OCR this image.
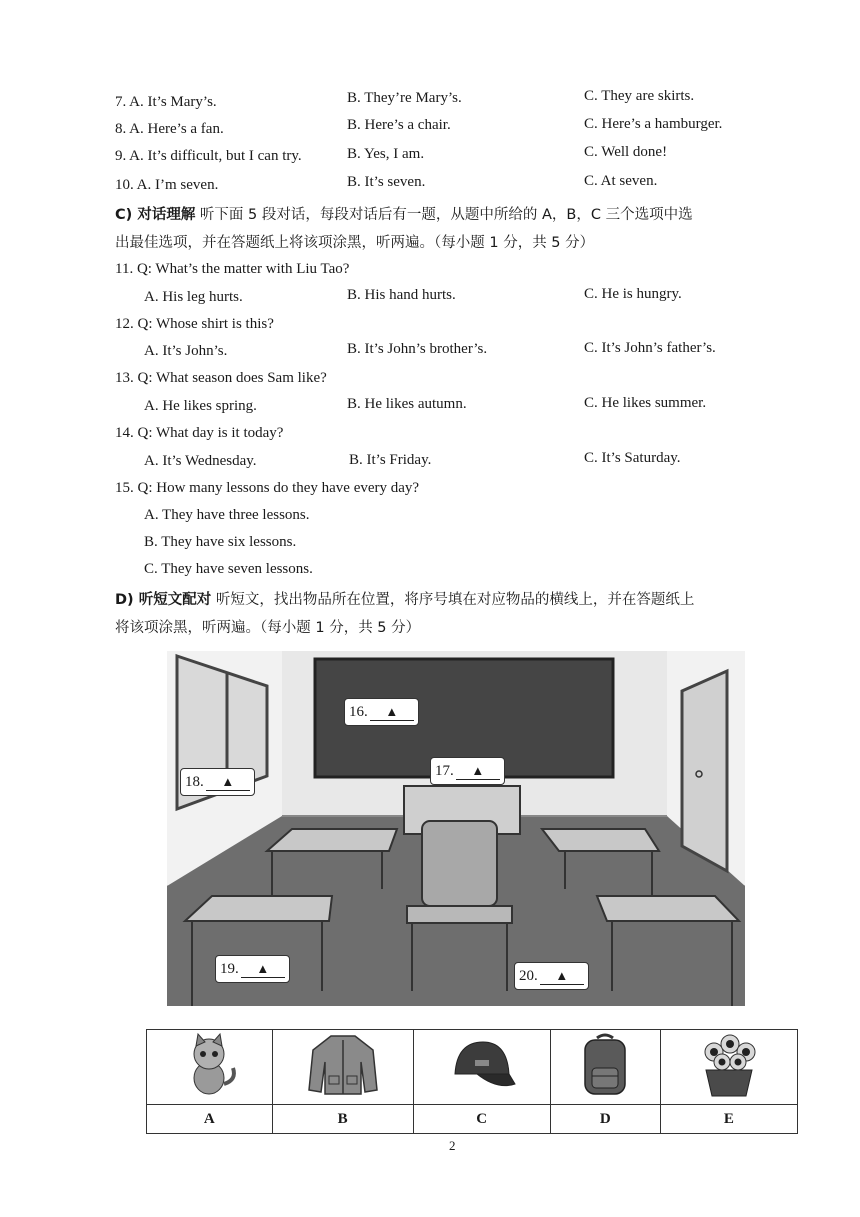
7. A. It’s Mary’s.	B. They’re Mary’s.	C. They are skirts.
8. A. Here’s a fan.	B. Here’s a chair.	C. Here’s a hamburger.
9. A. It’s difficult, but I can try.	B. Yes, I am.	C. Well done!
10. A. I’m seven.	B. It’s seven.	C. At seven.
C) 对话理解 听下面 5 段对话，每段对话后有一题，从题中所给的 A，B，C 三个选项中选
出最佳选项，并在答题纸上将该项涂黑，听两遍。（每小题 1 分，共 5 分）
11. Q: What’s the matter with Liu Tao?
A. His leg hurts.	B. His hand hurts.	C. He is hungry.
12. Q: Whose shirt is this?
A. It’s John’s.	B. It’s John’s brother’s.	C. It’s John’s father’s.
13. Q: What season does Sam like?
A. He likes spring.	B. He likes autumn.	C. He likes summer.
14. Q: What day is it today?
A. It’s Wednesday.	B. It’s Friday.	C. It’s Saturday.
15. Q: How many lessons do they have every day?
A. They have three lessons.
B. They have six lessons.
C. They have seven lessons.
D) 听短文配对 听短文，找出物品所在位置，将序号填在对应物品的横线上，并在答题纸上
将该项涂黑，听两遍。（每小题 1 分，共 5 分）
16. ▲
17. ▲
18. ▲
19. ▲	20. ▲

A	B	C	D	E
2
